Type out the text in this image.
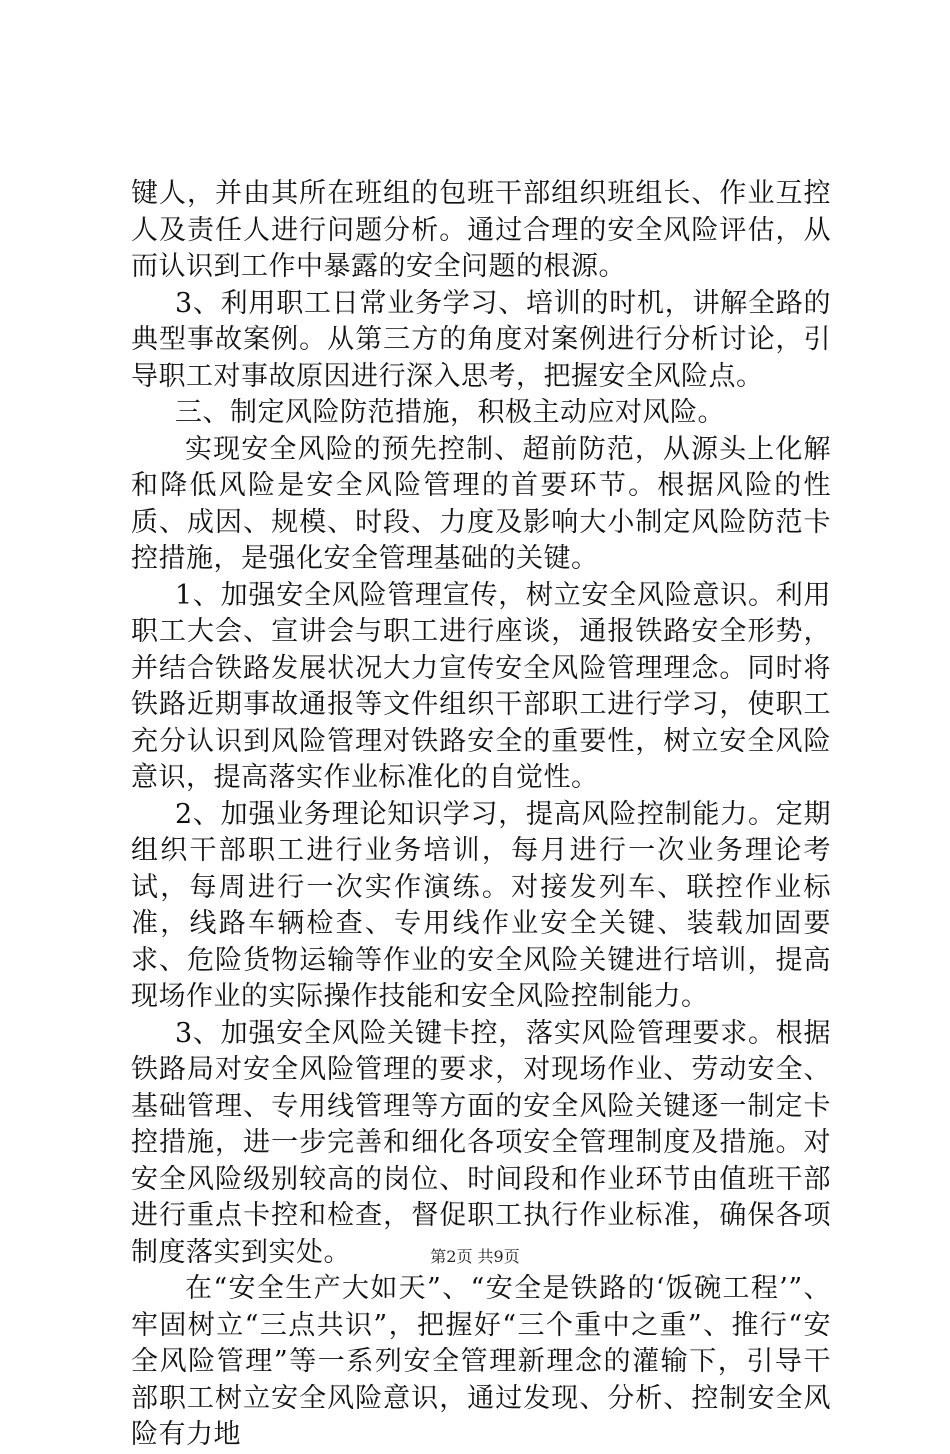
键人，并由其所在班组的包班干部组织班组长、作业互控人及责任人进行问题分析。通过合理的安全风险评估，从而认识到工作中暴露的安全问题的根源。

3、利用职工日常业务学习、培训的时机，讲解全路的典型事故案例。从第三方的角度对案例进行分析讨论，引导职工对事故原因进行深入思考，把握安全风险点。

三、制定风险防范措施，积极主动应对风险。

实现安全风险的预先控制、超前防范，从源头上化解和降低风险是安全风险管理的首要环节。根据风险的性质、成因、规模、时段、力度及影响大小制定风险防范卡控措施，是强化安全管理基础的关键。

1、加强安全风险管理宣传，树立安全风险意识。利用职工大会、宣讲会与职工进行座谈，通报铁路安全形势，并结合铁路发展状况大力宣传安全风险管理理念。同时将铁路近期事故通报等文件组织干部职工进行学习，使职工充分认识到风险管理对铁路安全的重要性，树立安全风险意识，提高落实作业标准化的自觉性。

2、加强业务理论知识学习，提高风险控制能力。定期组织干部职工进行业务培训，每月进行一次业务理论考试，每周进行一次实作演练。对接发列车、联控作业标准，线路车辆检查、专用线作业安全关键、装载加固要求、危险货物运输等作业的安全风险关键进行培训，提高现场作业的实际操作技能和安全风险控制能力。

3、加强安全风险关键卡控，落实风险管理要求。根据铁路局对安全风险管理的要求，对现场作业、劳动安全、基础管理、专用线管理等方面的安全风险关键逐一制定卡控措施，进一步完善和细化各项安全管理制度及措施。对安全风险级别较高的岗位、时间段和作业环节由值班干部进行重点卡控和检查，督促职工执行作业标准，确保各项制度落实到实处。

在“安全生产大如天”、“安全是铁路的‘饭碗工程’”、牢固树立“三点共识”，把握好“三个重中之重”、推行“安全风险管理”等一系列安全管理新理念的灌输下，引导干部职工树立安全风险意识，通过发现、分析、控制安全风险有力地

第2页 共9页
